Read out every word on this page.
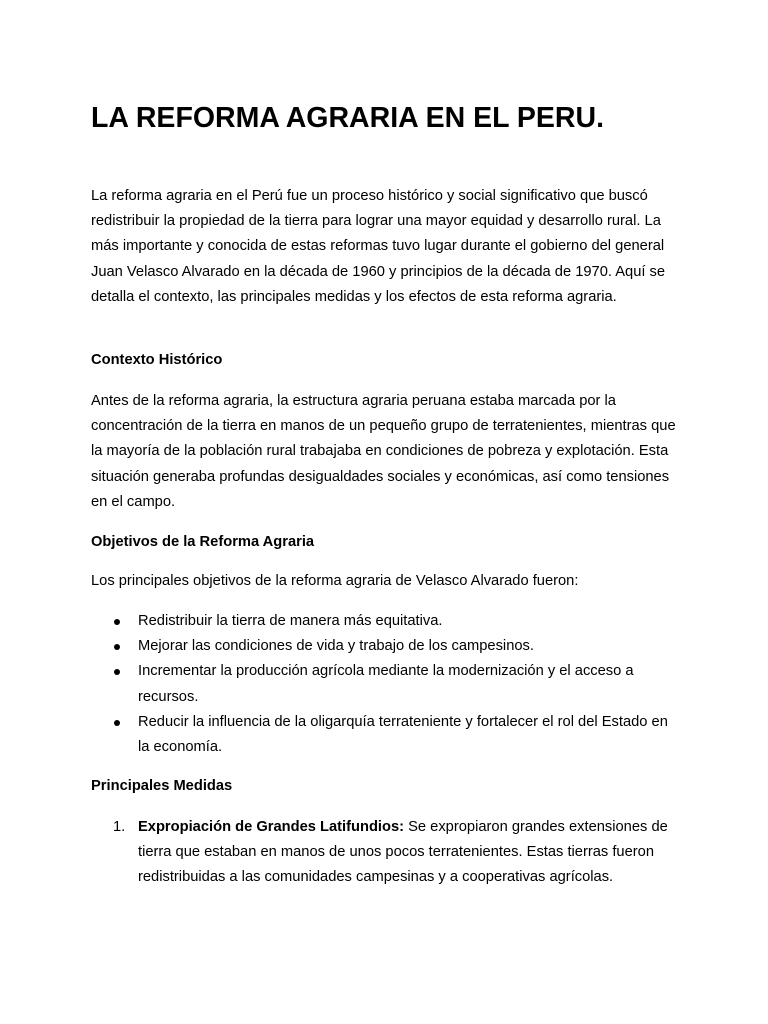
LA REFORMA AGRARIA EN EL PERU.

La reforma agraria en el Perú fue un proceso histórico y social significativo que buscó redistribuir la propiedad de la tierra para lograr una mayor equidad y desarrollo rural. La más importante y conocida de estas reformas tuvo lugar durante el gobierno del general Juan Velasco Alvarado en la década de 1960 y principios de la década de 1970. Aquí se detalla el contexto, las principales medidas y los efectos de esta reforma agraria.

Contexto Histórico

Antes de la reforma agraria, la estructura agraria peruana estaba marcada por la concentración de la tierra en manos de un pequeño grupo de terratenientes, mientras que la mayoría de la población rural trabajaba en condiciones de pobreza y explotación. Esta situación generaba profundas desigualdades sociales y económicas, así como tensiones en el campo.

Objetivos de la Reforma Agraria

Los principales objetivos de la reforma agraria de Velasco Alvarado fueron:

Redistribuir la tierra de manera más equitativa.
Mejorar las condiciones de vida y trabajo de los campesinos.
Incrementar la producción agrícola mediante la modernización y el acceso a recursos.
Reducir la influencia de la oligarquía terrateniente y fortalecer el rol del Estado en la economía.
Principales Medidas
1. Expropiación de Grandes Latifundios: Se expropiaron grandes extensiones de tierra que estaban en manos de unos pocos terratenientes. Estas tierras fueron redistribuidas a las comunidades campesinas y a cooperativas agrícolas.
